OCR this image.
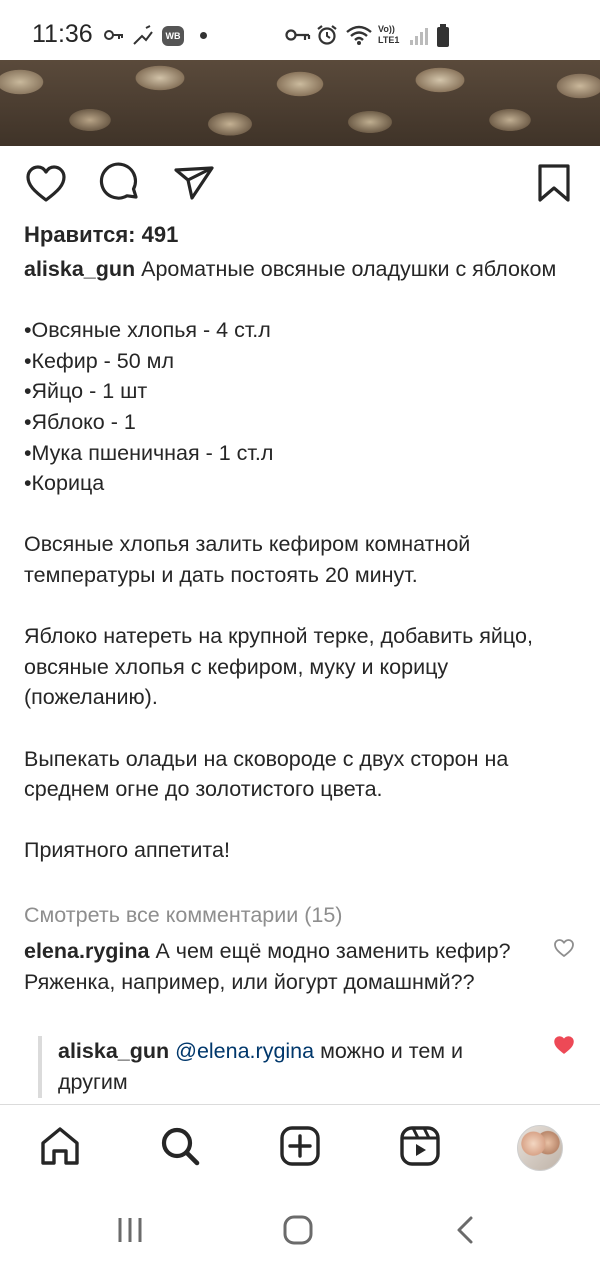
11:36	WB
Vo))
LTE1
Нравится: 491

aliska_gun Ароматные овсяные оладушки с яблоком

•Овсяные хлопья - 4 ст.л
•Кефир - 50 мл
•Яйцо - 1 шт
•Яблоко - 1
•Мука пшеничная - 1 ст.л
•Корица

Овсяные хлопья залить кефиром комнатной температуры и дать постоять 20 минут.

Яблоко натереть на крупной терке, добавить яйцо, овсяные хлопья с кефиром, муку и корицу (пожеланию).

Выпекать оладьи на сковороде с двух сторон на среднем огне до золотистого цвета.

Приятного аппетита!

Смотреть все комментарии (15)
elena.rygina А чем ещё модно заменить кефир? Ряженка, например, или йогурт домашнмй??
aliska_gun @elena.rygina можно и тем и другим
